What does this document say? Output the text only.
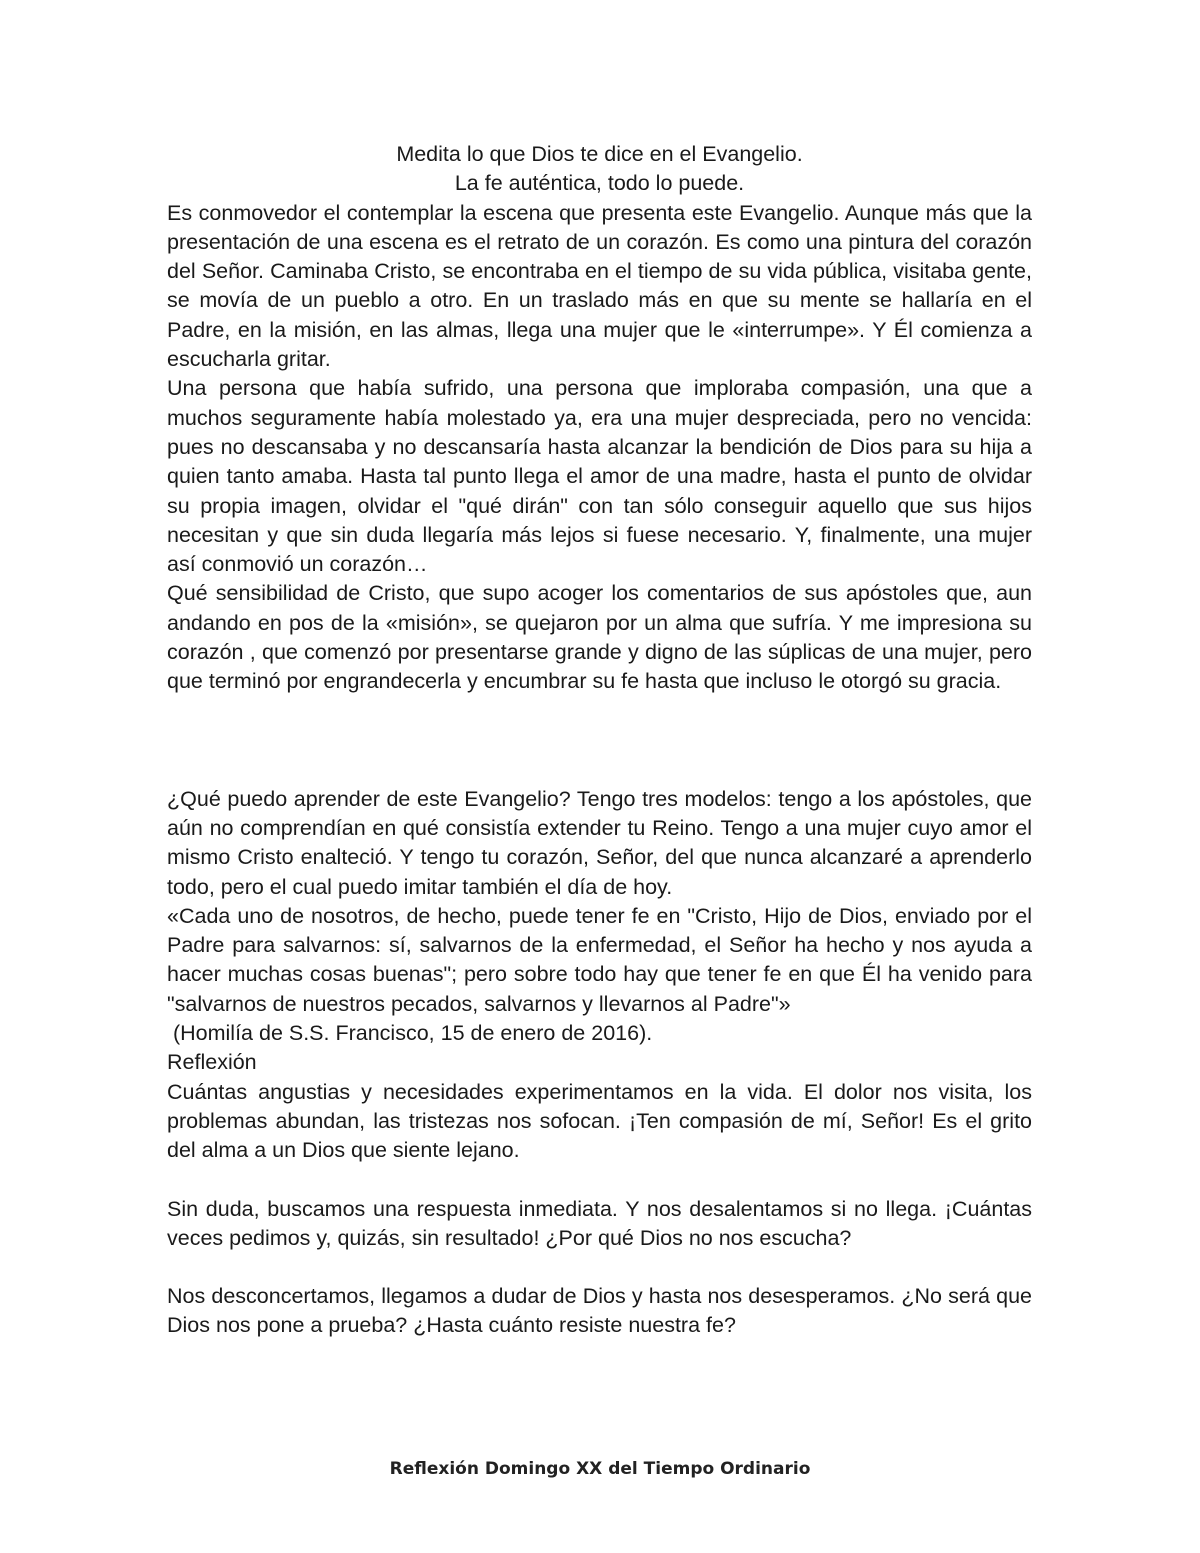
Medita lo que Dios te dice en el Evangelio.

La fe auténtica, todo lo puede.

Es conmovedor el contemplar la escena que presenta este Evangelio. Aunque más que la presentación de una escena es el retrato de un corazón. Es como una pintura del corazón del Señor. Caminaba Cristo, se encontraba en el tiempo de su vida pública, visitaba gente, se movía de un pueblo a otro. En un traslado más en que su mente se hallaría en el Padre, en la misión, en las almas, llega una mujer que le «interrumpe». Y Él comienza a escucharla gritar.

Una persona que había sufrido, una persona que imploraba compasión, una que a muchos seguramente había molestado ya, era una mujer despreciada, pero no vencida: pues no descansaba y no descansaría hasta alcanzar la bendición de Dios para su hija a quien tanto amaba. Hasta tal punto llega el amor de una madre, hasta el punto de olvidar su propia imagen, olvidar el "qué dirán" con tan sólo conseguir aquello que sus hijos necesitan y que sin duda llegaría más lejos si fuese necesario. Y, finalmente, una mujer así conmovió un corazón…

Qué sensibilidad de Cristo, que supo acoger los comentarios de sus apóstoles que, aun andando en pos de la «misión», se quejaron por un alma que sufría. Y me impresiona su corazón , que comenzó por presentarse grande y digno de las súplicas de una mujer, pero que terminó por engrandecerla y encumbrar su fe hasta que incluso le otorgó su gracia.

¿Qué puedo aprender de este Evangelio? Tengo tres modelos: tengo a los apóstoles, que aún no comprendían en qué consistía extender tu Reino. Tengo a una mujer cuyo amor el mismo Cristo enalteció. Y tengo tu corazón, Señor, del que nunca alcanzaré a aprenderlo todo, pero el cual puedo imitar también el día de hoy.

«Cada uno de nosotros, de hecho, puede tener fe en "Cristo, Hijo de Dios, enviado por el Padre para salvarnos: sí, salvarnos de la enfermedad, el Señor ha hecho y nos ayuda a hacer muchas cosas buenas"; pero sobre todo hay que tener fe en que Él ha venido para "salvarnos de nuestros pecados, salvarnos y llevarnos al Padre"»

(Homilía de S.S. Francisco, 15 de enero de 2016).

Reflexión

Cuántas angustias y necesidades experimentamos en la vida. El dolor nos visita, los problemas abundan, las tristezas nos sofocan. ¡Ten compasión de mí, Señor! Es el grito del alma a un Dios que siente lejano.

Sin duda, buscamos una respuesta inmediata. Y nos desalentamos si no llega. ¡Cuántas veces pedimos y, quizás, sin resultado! ¿Por qué Dios no nos escucha?

Nos desconcertamos, llegamos a dudar de Dios y hasta nos desesperamos. ¿No será que Dios nos pone a prueba? ¿Hasta cuánto resiste nuestra fe?

Reflexión Domingo XX del Tiempo Ordinario
